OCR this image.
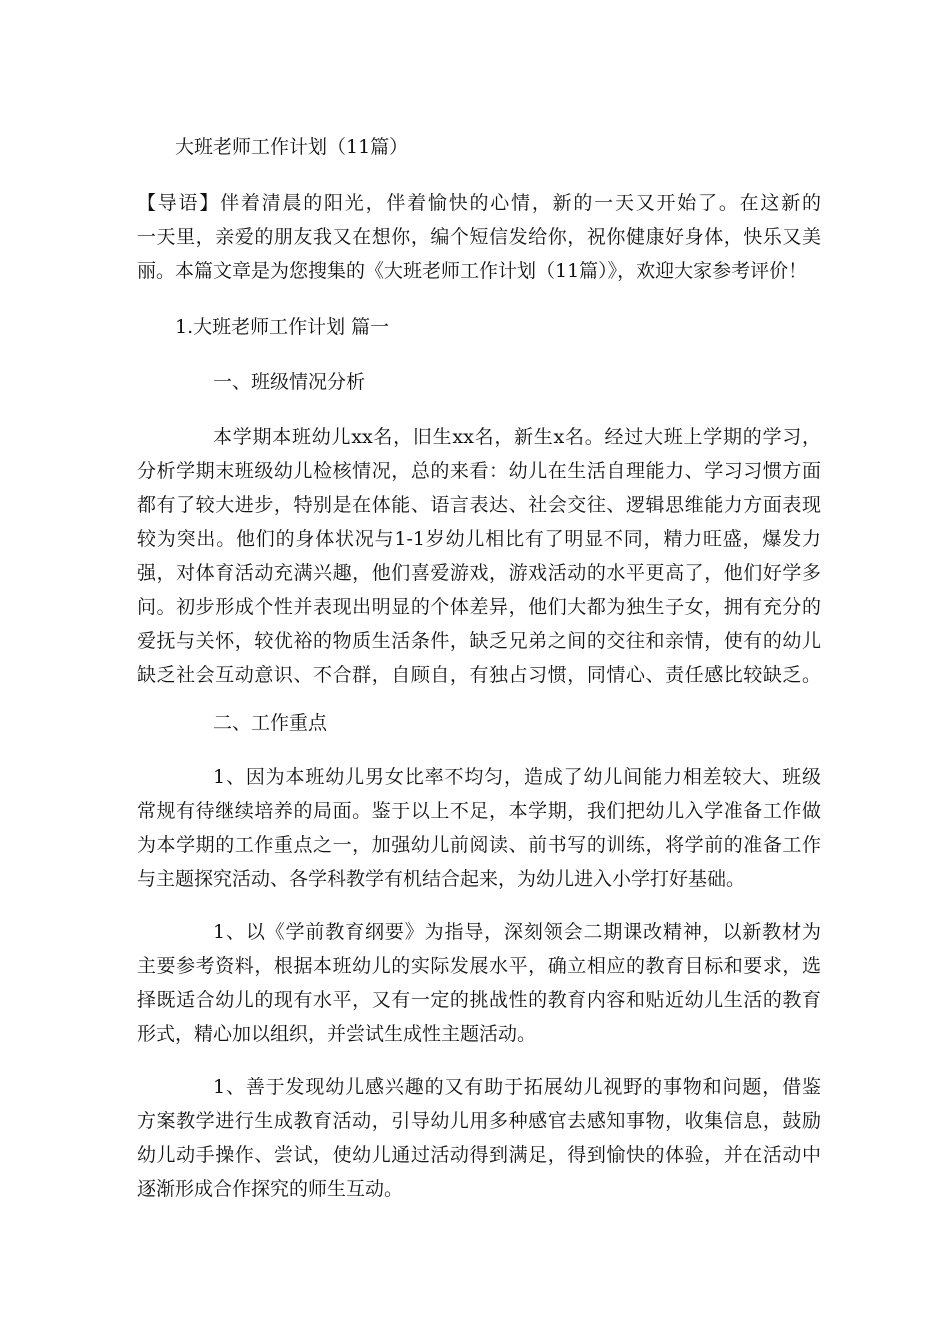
大班老师工作计划（11篇）
【导语】伴着清晨的阳光，伴着愉快的心情，新的一天又开始了。在这新的
一天里，亲爱的朋友我又在想你，编个短信发给你，祝你健康好身体，快乐又美
丽。本篇文章是为您搜集的《大班老师工作计划（11篇）》，欢迎大家参考评价！
1.大班老师工作计划 篇一
一、班级情况分析
本学期本班幼儿xx名，旧生xx名，新生x名。经过大班上学期的学习，
分析学期末班级幼儿检核情况，总的来看：幼儿在生活自理能力、学习习惯方面
都有了较大进步，特别是在体能、语言表达、社会交往、逻辑思维能力方面表现
较为突出。他们的身体状况与1-1岁幼儿相比有了明显不同，精力旺盛，爆发力
强，对体育活动充满兴趣，他们喜爱游戏，游戏活动的水平更高了，他们好学多
问。初步形成个性并表现出明显的个体差异，他们大都为独生子女，拥有充分的
爱抚与关怀，较优裕的物质生活条件，缺乏兄弟之间的交往和亲情，使有的幼儿
缺乏社会互动意识、不合群，自顾自，有独占习惯，同情心、责任感比较缺乏。
二、工作重点
1、因为本班幼儿男女比率不均匀，造成了幼儿间能力相差较大、班级
常规有待继续培养的局面。鉴于以上不足，本学期，我们把幼儿入学准备工作做
为本学期的工作重点之一，加强幼儿前阅读、前书写的训练，将学前的准备工作
与主题探究活动、各学科教学有机结合起来，为幼儿进入小学打好基础。
1、以《学前教育纲要》为指导，深刻领会二期课改精神，以新教材为
主要参考资料，根据本班幼儿的实际发展水平，确立相应的教育目标和要求，选
择既适合幼儿的现有水平，又有一定的挑战性的教育内容和贴近幼儿生活的教育
形式，精心加以组织，并尝试生成性主题活动。
1、善于发现幼儿感兴趣的又有助于拓展幼儿视野的事物和问题，借鉴
方案教学进行生成教育活动，引导幼儿用多种感官去感知事物，收集信息，鼓励
幼儿动手操作、尝试，使幼儿通过活动得到满足，得到愉快的体验，并在活动中
逐渐形成合作探究的师生互动。
